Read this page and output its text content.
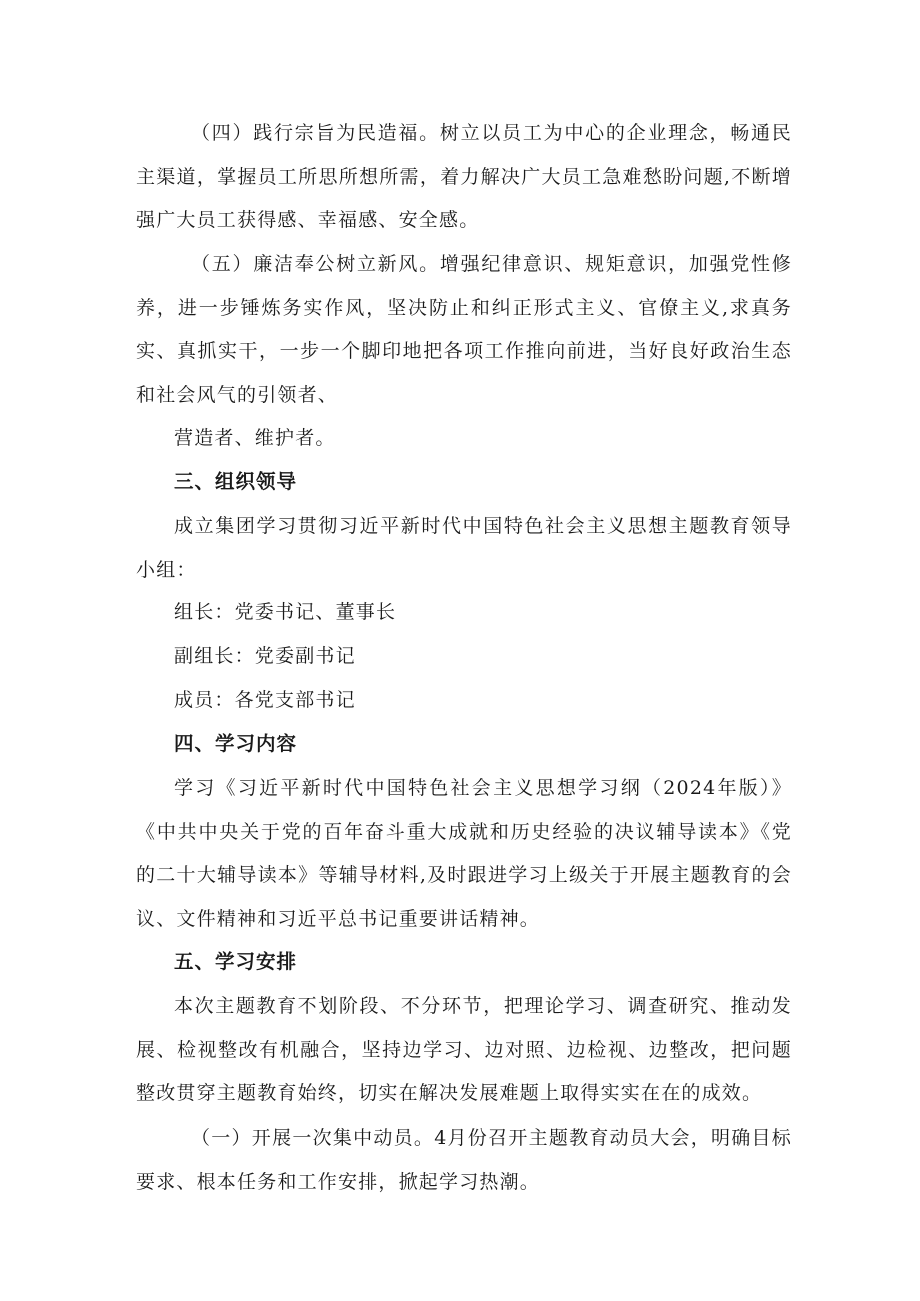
（四）践行宗旨为民造福。树立以员工为中心的企业理念，畅通民主渠道，掌握员工所思所想所需，着力解决广大员工急难愁盼问题,不断增强广大员工获得感、幸福感、安全感。

（五）廉洁奉公树立新风。增强纪律意识、规矩意识，加强党性修养，进一步锤炼务实作风，坚决防止和纠正形式主义、官僚主义,求真务实、真抓实干，一步一个脚印地把各项工作推向前进，当好良好政治生态和社会风气的引领者、

营造者、维护者。

三、组织领导

成立集团学习贯彻习近平新时代中国特色社会主义思想主题教育领导小组：

组长：党委书记、董事长

副组长：党委副书记

成员：各党支部书记

四、学习内容

学习《习近平新时代中国特色社会主义思想学习纲（2024年版）》《中共中央关于党的百年奋斗重大成就和历史经验的决议辅导读本》《党的二十大辅导读本》等辅导材料,及时跟进学习上级关于开展主题教育的会议、文件精神和习近平总书记重要讲话精神。

五、学习安排

本次主题教育不划阶段、不分环节，把理论学习、调查研究、推动发展、检视整改有机融合，坚持边学习、边对照、边检视、边整改，把问题整改贯穿主题教育始终，切实在解决发展难题上取得实实在在的成效。

（一）开展一次集中动员。4月份召开主题教育动员大会，明确目标要求、根本任务和工作安排，掀起学习热潮。
